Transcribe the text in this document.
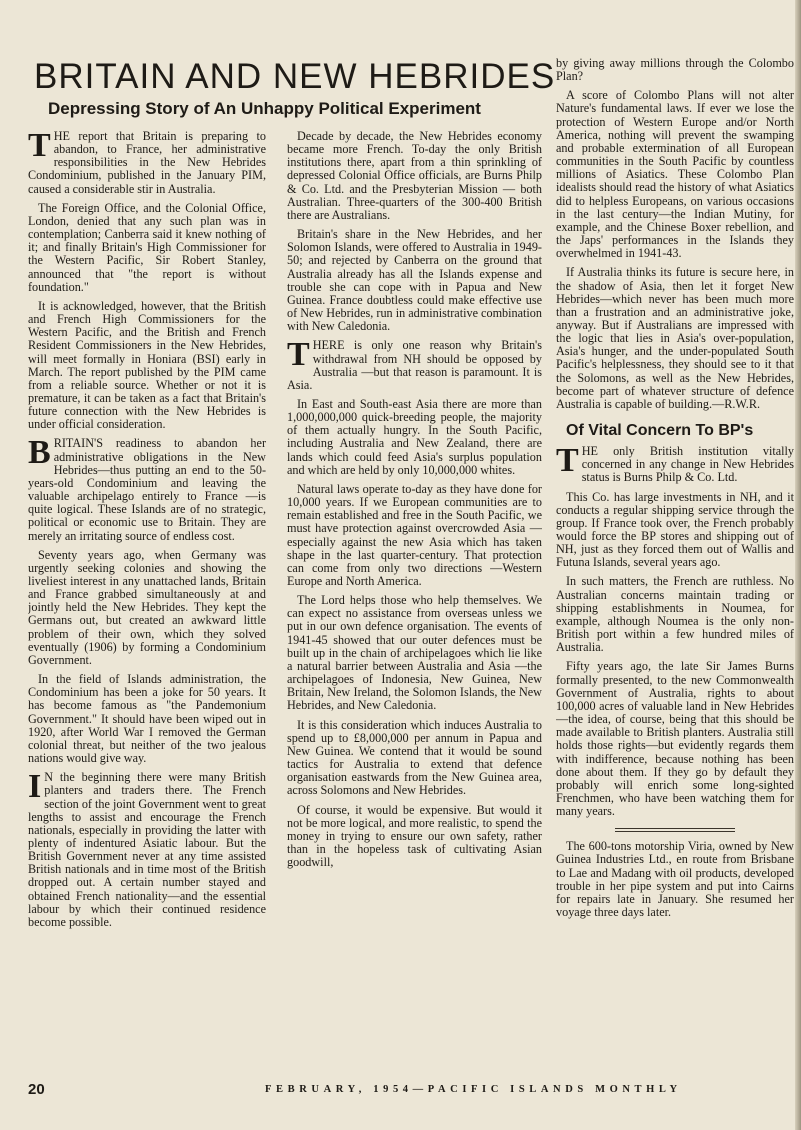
BRITAIN AND NEW HEBRIDES
Depressing Story of An Unhappy Political Experiment

THE report that Britain is preparing to abandon, to France, her administrative responsibilities in the New Hebrides Condominium, published in the January PIM, caused a considerable stir in Australia.

The Foreign Office, and the Colonial Office, London, denied that any such plan was in contemplation; Canberra said it knew nothing of it; and finally Britain's High Commissioner for the Western Pacific, Sir Robert Stanley, announced that "the report is without foundation."

It is acknowledged, however, that the British and French High Commissioners for the Western Pacific, and the British and French Resident Commissioners in the New Hebrides, will meet formally in Honiara (BSI) early in March. The report published by the PIM came from a reliable source. Whether or not it is premature, it can be taken as a fact that Britain's future connection with the New Hebrides is under official consideration.

BRITAIN'S readiness to abandon her administrative obligations in the New Hebrides—thus putting an end to the 50-years-old Condominium and leaving the valuable archipelago entirely to France —is quite logical. These Islands are of no strategic, political or economic use to Britain. They are merely an irritating source of endless cost.

Seventy years ago, when Germany was urgently seeking colonies and showing the liveliest interest in any unattached lands, Britain and France grabbed simultaneously at and jointly held the New Hebrides. They kept the Germans out, but created an awkward little problem of their own, which they solved eventually (1906) by forming a Condominium Government.

In the field of Islands administration, the Condominium has been a joke for 50 years. It has become famous as "the Pandemonium Government." It should have been wiped out in 1920, after World War I removed the German colonial threat, but neither of the two jealous nations would give way.

I N the beginning there were many British planters and traders there. The French section of the joint Government went to great lengths to assist and encourage the French nationals, especially in providing the latter with plenty of indentured Asiatic labour. But the British Government never at any time assisted British nationals and in time most of the British dropped out. A certain number stayed and obtained French nationality—and the essential labour by which their continued residence become possible.

Decade by decade, the New Hebrides economy became more French. To-day the only British institutions there, apart from a thin sprinkling of depressed Colonial Office officials, are Burns Philp & Co. Ltd. and the Presbyterian Mission — both Australian. Three-quarters of the 300-400 British there are Australians.

Britain's share in the New Hebrides, and her Solomon Islands, were offered to Australia in 1949-50; and rejected by Canberra on the ground that Australia already has all the Islands expense and trouble she can cope with in Papua and New Guinea. France doubtless could make effective use of New Hebrides, run in administrative combination with New Caledonia.

THERE is only one reason why Britain's withdrawal from NH should be opposed by Australia —but that reason is paramount. It is Asia.

In East and South-east Asia there are more than 1,000,000,000 quick-breeding people, the majority of them actually hungry. In the South Pacific, including Australia and New Zealand, there are lands which could feed Asia's surplus population and which are held by only 10,000,000 whites.

Natural laws operate to-day as they have done for 10,000 years. If we European communities are to remain established and free in the South Pacific, we must have protection against overcrowded Asia — especially against the new Asia which has taken shape in the last quarter-century. That protection can come from only two directions —Western Europe and North America.

The Lord helps those who help themselves. We can expect no assistance from overseas unless we put in our own defence organisation. The events of 1941-45 showed that our outer defences must be built up in the chain of archipelagoes which lie like a natural barrier between Australia and Asia —the archipelagoes of Indonesia, New Guinea, New Britain, New Ireland, the Solomon Islands, the New Hebrides, and New Caledonia.

It is this consideration which induces Australia to spend up to £8,000,000 per annum in Papua and New Guinea. We contend that it would be sound tactics for Australia to extend that defence organisation eastwards from the New Guinea area, across Solomons and New Hebrides.

Of course, it would be expensive. But would it not be more logical, and more realistic, to spend the money in trying to ensure our own safety, rather than in the hopeless task of cultivating Asian goodwill,

by giving away millions through the Colombo Plan?

A score of Colombo Plans will not alter Nature's fundamental laws. If ever we lose the protection of Western Europe and/or North America, nothing will prevent the swamping and probable extermination of all European communities in the South Pacific by countless millions of Asiatics. These Colombo Plan idealists should read the history of what Asiatics did to helpless Europeans, on various occasions in the last century—the Indian Mutiny, for example, and the Chinese Boxer rebellion, and the Japs' performances in the Islands they overwhelmed in 1941-43.

If Australia thinks its future is secure here, in the shadow of Asia, then let it forget New Hebrides—which never has been much more than a frustration and an administrative joke, anyway. But if Australians are impressed with the logic that lies in Asia's over-population, Asia's hunger, and the under-populated South Pacific's helplessness, they should see to it that the Solomons, as well as the New Hebrides, become part of whatever structure of defence Australia is capable of building.—R.W.R.

Of Vital Concern To BP's

THE only British institution vitally concerned in any change in New Hebrides status is Burns Philp & Co. Ltd.

This Co. has large investments in NH, and it conducts a regular shipping service through the group. If France took over, the French probably would force the BP stores and shipping out of NH, just as they forced them out of Wallis and Futuna Islands, several years ago.

In such matters, the French are ruthless. No Australian concerns maintain trading or shipping establishments in Noumea, for example, although Noumea is the only non-British port within a few hundred miles of Australia.

Fifty years ago, the late Sir James Burns formally presented, to the new Commonwealth Government of Australia, rights to about 100,000 acres of valuable land in New Hebrides—the idea, of course, being that this should be made available to British planters. Australia still holds those rights—but evidently regards them with indifference, because nothing has been done about them. If they go by default they probably will enrich some long-sighted Frenchmen, who have been watching them for many years.

The 600-tons motorship Viria, owned by New Guinea Industries Ltd., en route from Brisbane to Lae and Madang with oil products, developed trouble in her pipe system and put into Cairns for repairs late in January. She resumed her voyage three days later.

20	FEBRUARY, 1954—PACIFIC ISLANDS MONTHLY
